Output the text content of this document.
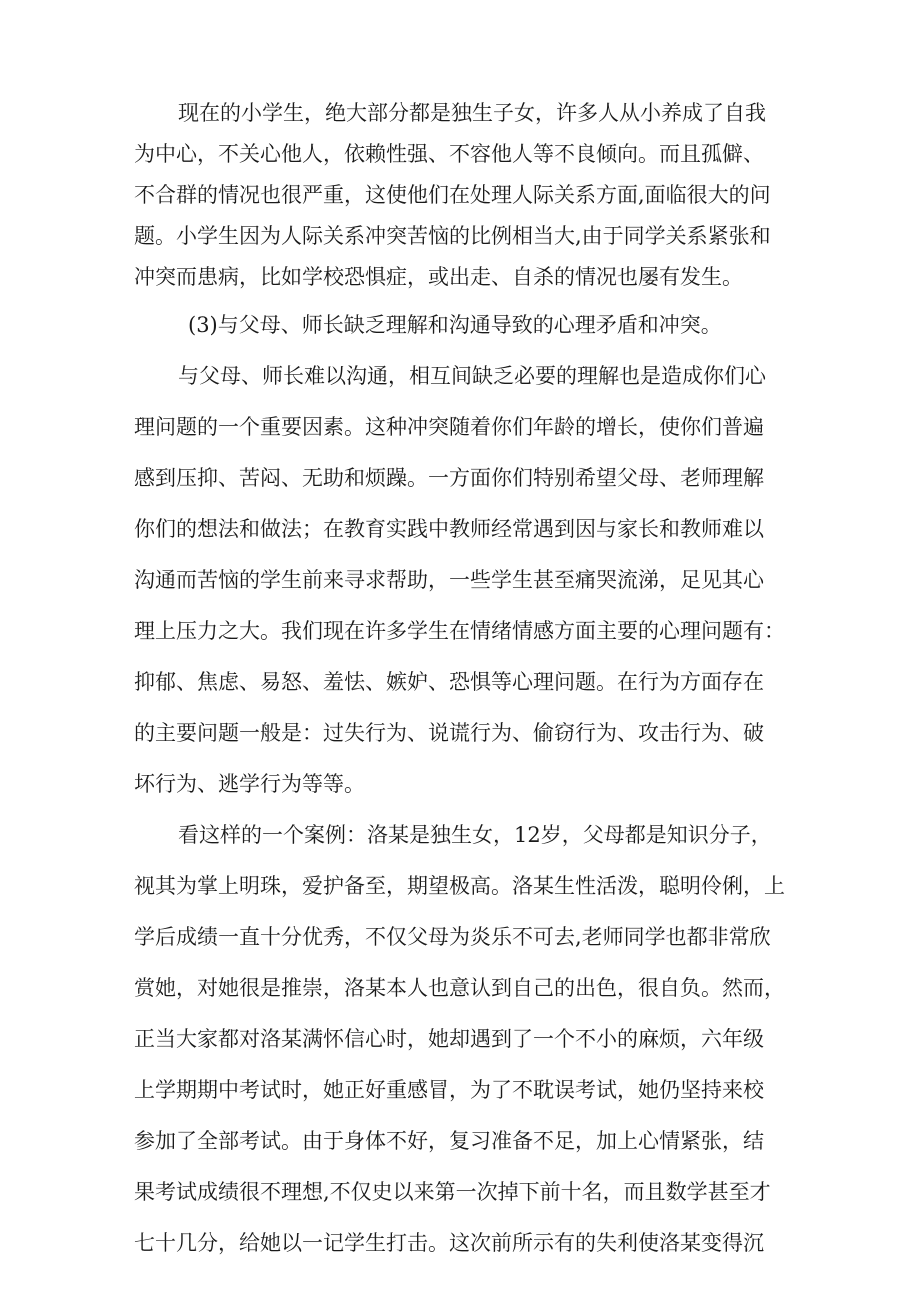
现在的小学生，绝大部分都是独生子女，许多人从小养成了自我
为中心，不关心他人，依赖性强、不容他人等不良倾向。而且孤僻、
不合群的情况也很严重，这使他们在处理人际关系方面,面临很大的问
题。小学生因为人际关系冲突苦恼的比例相当大,由于同学关系紧张和
冲突而患病，比如学校恐惧症，或出走、自杀的情况也屡有发生。
(3)与父母、师长缺乏理解和沟通导致的心理矛盾和冲突。
与父母、师长难以沟通，相互间缺乏必要的理解也是造成你们心
理问题的一个重要因素。这种冲突随着你们年龄的增长，使你们普遍
感到压抑、苦闷、无助和烦躁。一方面你们特别希望父母、老师理解
你们的想法和做法；在教育实践中教师经常遇到因与家长和教师难以
沟通而苦恼的学生前来寻求帮助，一些学生甚至痛哭流涕，足见其心
理上压力之大。我们现在许多学生在情绪情感方面主要的心理问题有：
抑郁、焦虑、易怒、羞怯、嫉妒、恐惧等心理问题。在行为方面存在
的主要问题一般是：过失行为、说谎行为、偷窃行为、攻击行为、破
坏行为、逃学行为等等。
看这样的一个案例：洛某是独生女，12岁，父母都是知识分子，
视其为掌上明珠，爱护备至，期望极高。洛某生性活泼，聪明伶俐，上
学后成绩一直十分优秀，不仅父母为炎乐不可去,老师同学也都非常欣
赏她，对她很是推崇，洛某本人也意认到自己的出色，很自负。然而，
正当大家都对洛某满怀信心时，她却遇到了一个不小的麻烦，六年级
上学期期中考试时，她正好重感冒，为了不耽误考试，她仍坚持来校
参加了全部考试。由于身体不好，复习准备不足，加上心情紧张，结
果考试成绩很不理想,不仅史以来第一次掉下前十名，而且数学甚至才
七十几分，给她以一记学生打击。这次前所示有的失利使洛某变得沉
